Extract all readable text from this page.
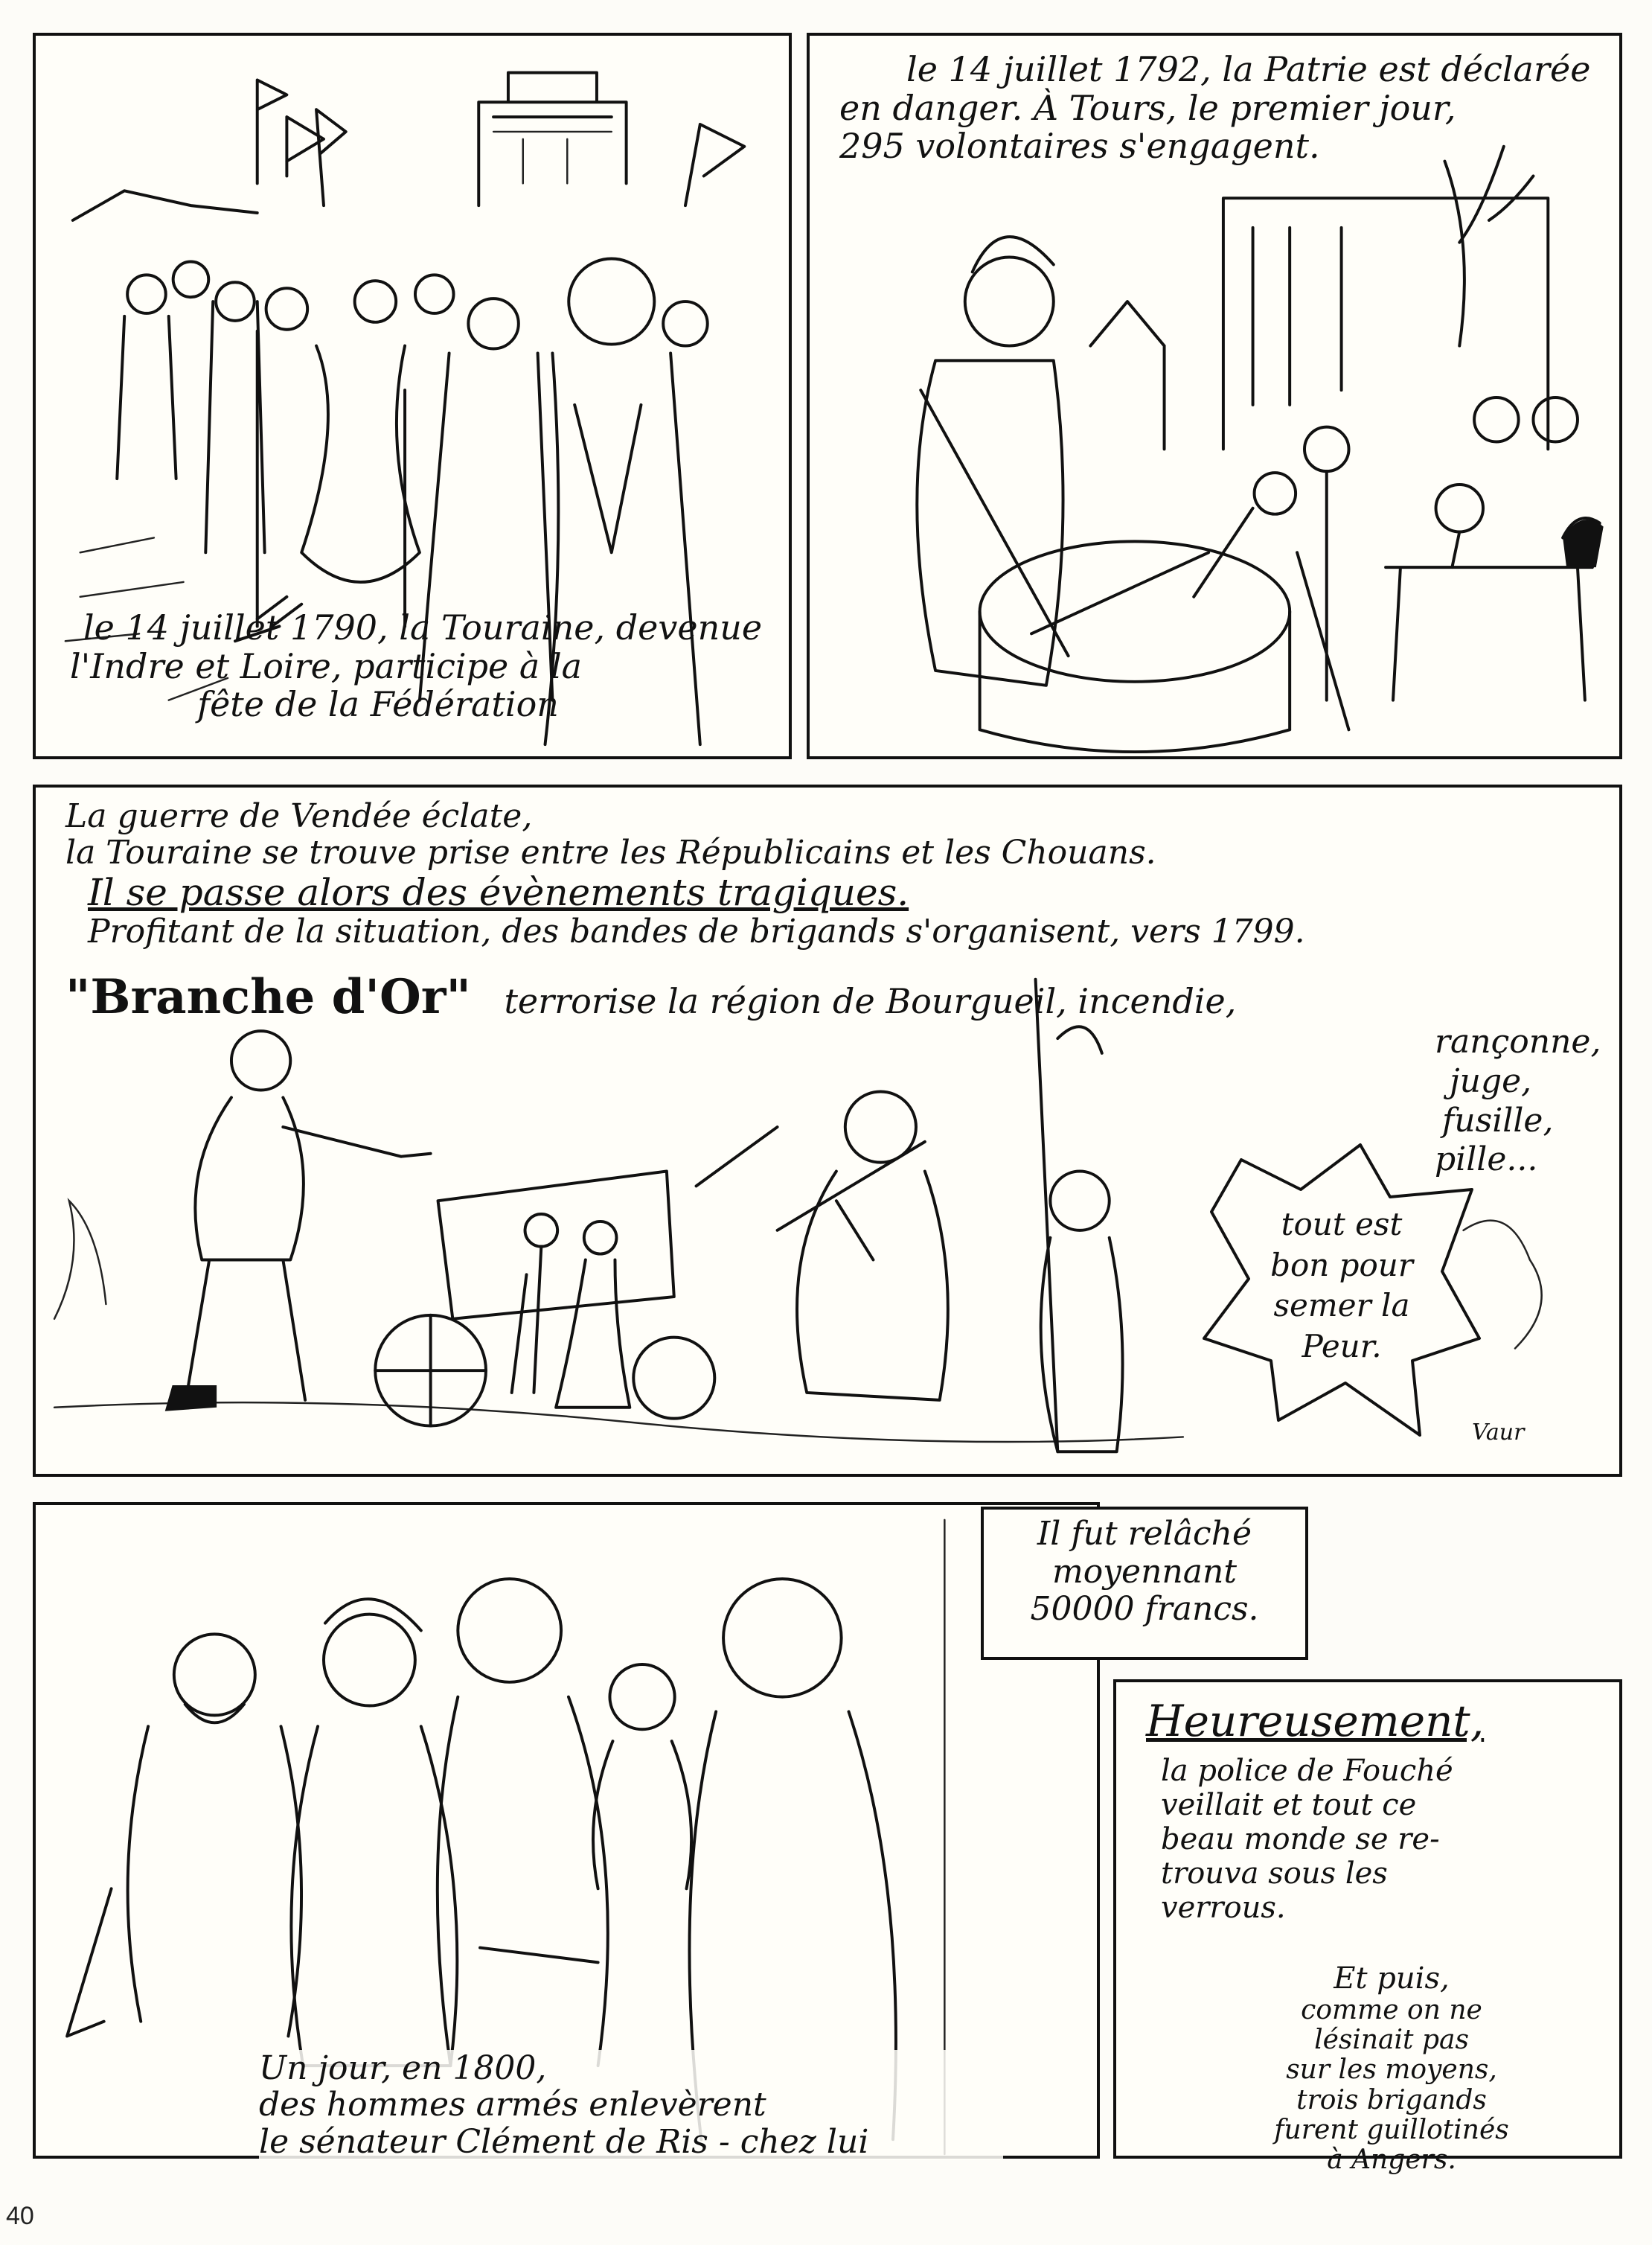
le 14 juillet 1790, la Touraine, devenue
l'Indre et Loire, participe à la
fête de la Fédération
le 14 juillet 1792, la Patrie est déclarée
en danger. À Tours, le premier jour,
295 volontaires s'engagent.
La guerre de Vendée éclate,
la Touraine se trouve prise entre les Républicains et les Chouans.
Il se passe alors des évènements tragiques.
Profitant de la situation, des bandes de brigands s'organisent, vers 1799.
"Branche d'Or" terrorise la région de Bourgueil, incendie,
rançonne,
juge,
fusille,
pille...
tout est
bon pour
semer la
Peur.
Vaur
Un jour, en 1800,
des hommes armés enlevèrent
le sénateur Clément de Ris - chez lui
Il fut relâché
moyennant
50000 francs.
Heureusement,
la police de Fouché
veillait et tout ce
beau monde se re-
trouva sous les
verrous.
Et puis,
comme on ne
lésinait pas
sur les moyens,
trois brigands
furent guillotinés
à Angers.
40
